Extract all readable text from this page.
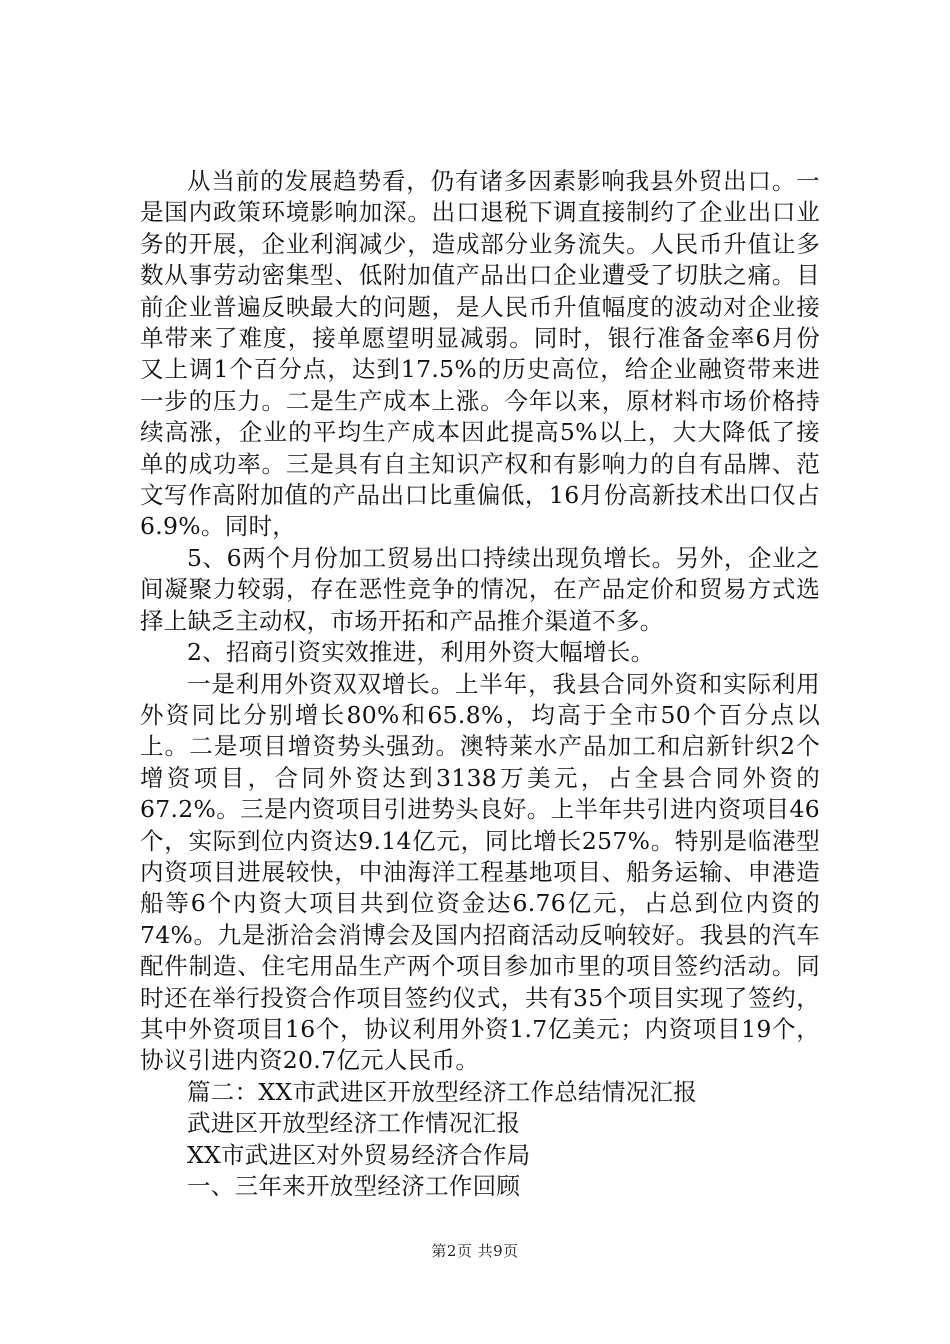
从当前的发展趋势看，仍有诸多因素影响我县外贸出口。一是国内政策环境影响加深。出口退税下调直接制约了企业出口业务的开展，企业利润减少，造成部分业务流失。人民币升值让多数从事劳动密集型、低附加值产品出口企业遭受了切肤之痛。目前企业普遍反映最大的问题，是人民币升值幅度的波动对企业接单带来了难度，接单愿望明显减弱。同时，银行准备金率6月份又上调1个百分点，达到17.5%的历史高位，给企业融资带来进一步的压力。二是生产成本上涨。今年以来，原材料市场价格持续高涨，企业的平均生产成本因此提高5%以上，大大降低了接单的成功率。三是具有自主知识产权和有影响力的自有品牌、范文写作高附加值的产品出口比重偏低，16月份高新技术出口仅占6.9%。同时，

5、6两个月份加工贸易出口持续出现负增长。另外，企业之间凝聚力较弱，存在恶性竞争的情况，在产品定价和贸易方式选择上缺乏主动权，市场开拓和产品推介渠道不多。

2、招商引资实效推进，利用外资大幅增长。

一是利用外资双双增长。上半年，我县合同外资和实际利用外资同比分别增长80%和65.8%，均高于全市50个百分点以上。二是项目增资势头强劲。澳特莱水产品加工和启新针织2个增资项目，合同外资达到3138万美元，占全县合同外资的67.2%。三是内资项目引进势头良好。上半年共引进内资项目46个，实际到位内资达9.14亿元，同比增长257%。特别是临港型内资项目进展较快，中油海洋工程基地项目、船务运输、申港造船等6个内资大项目共到位资金达6.76亿元，占总到位内资的74%。九是浙洽会消博会及国内招商活动反响较好。我县的汽车配件制造、住宅用品生产两个项目参加市里的项目签约活动。同时还在举行投资合作项目签约仪式，共有35个项目实现了签约，其中外资项目16个，协议利用外资1.7亿美元；内资项目19个，协议引进内资20.7亿元人民币。

篇二：XX市武进区开放型经济工作总结情况汇报

武进区开放型经济工作情况汇报

XX市武进区对外贸易经济合作局

一、三年来开放型经济工作回顾

第2页 共9页
